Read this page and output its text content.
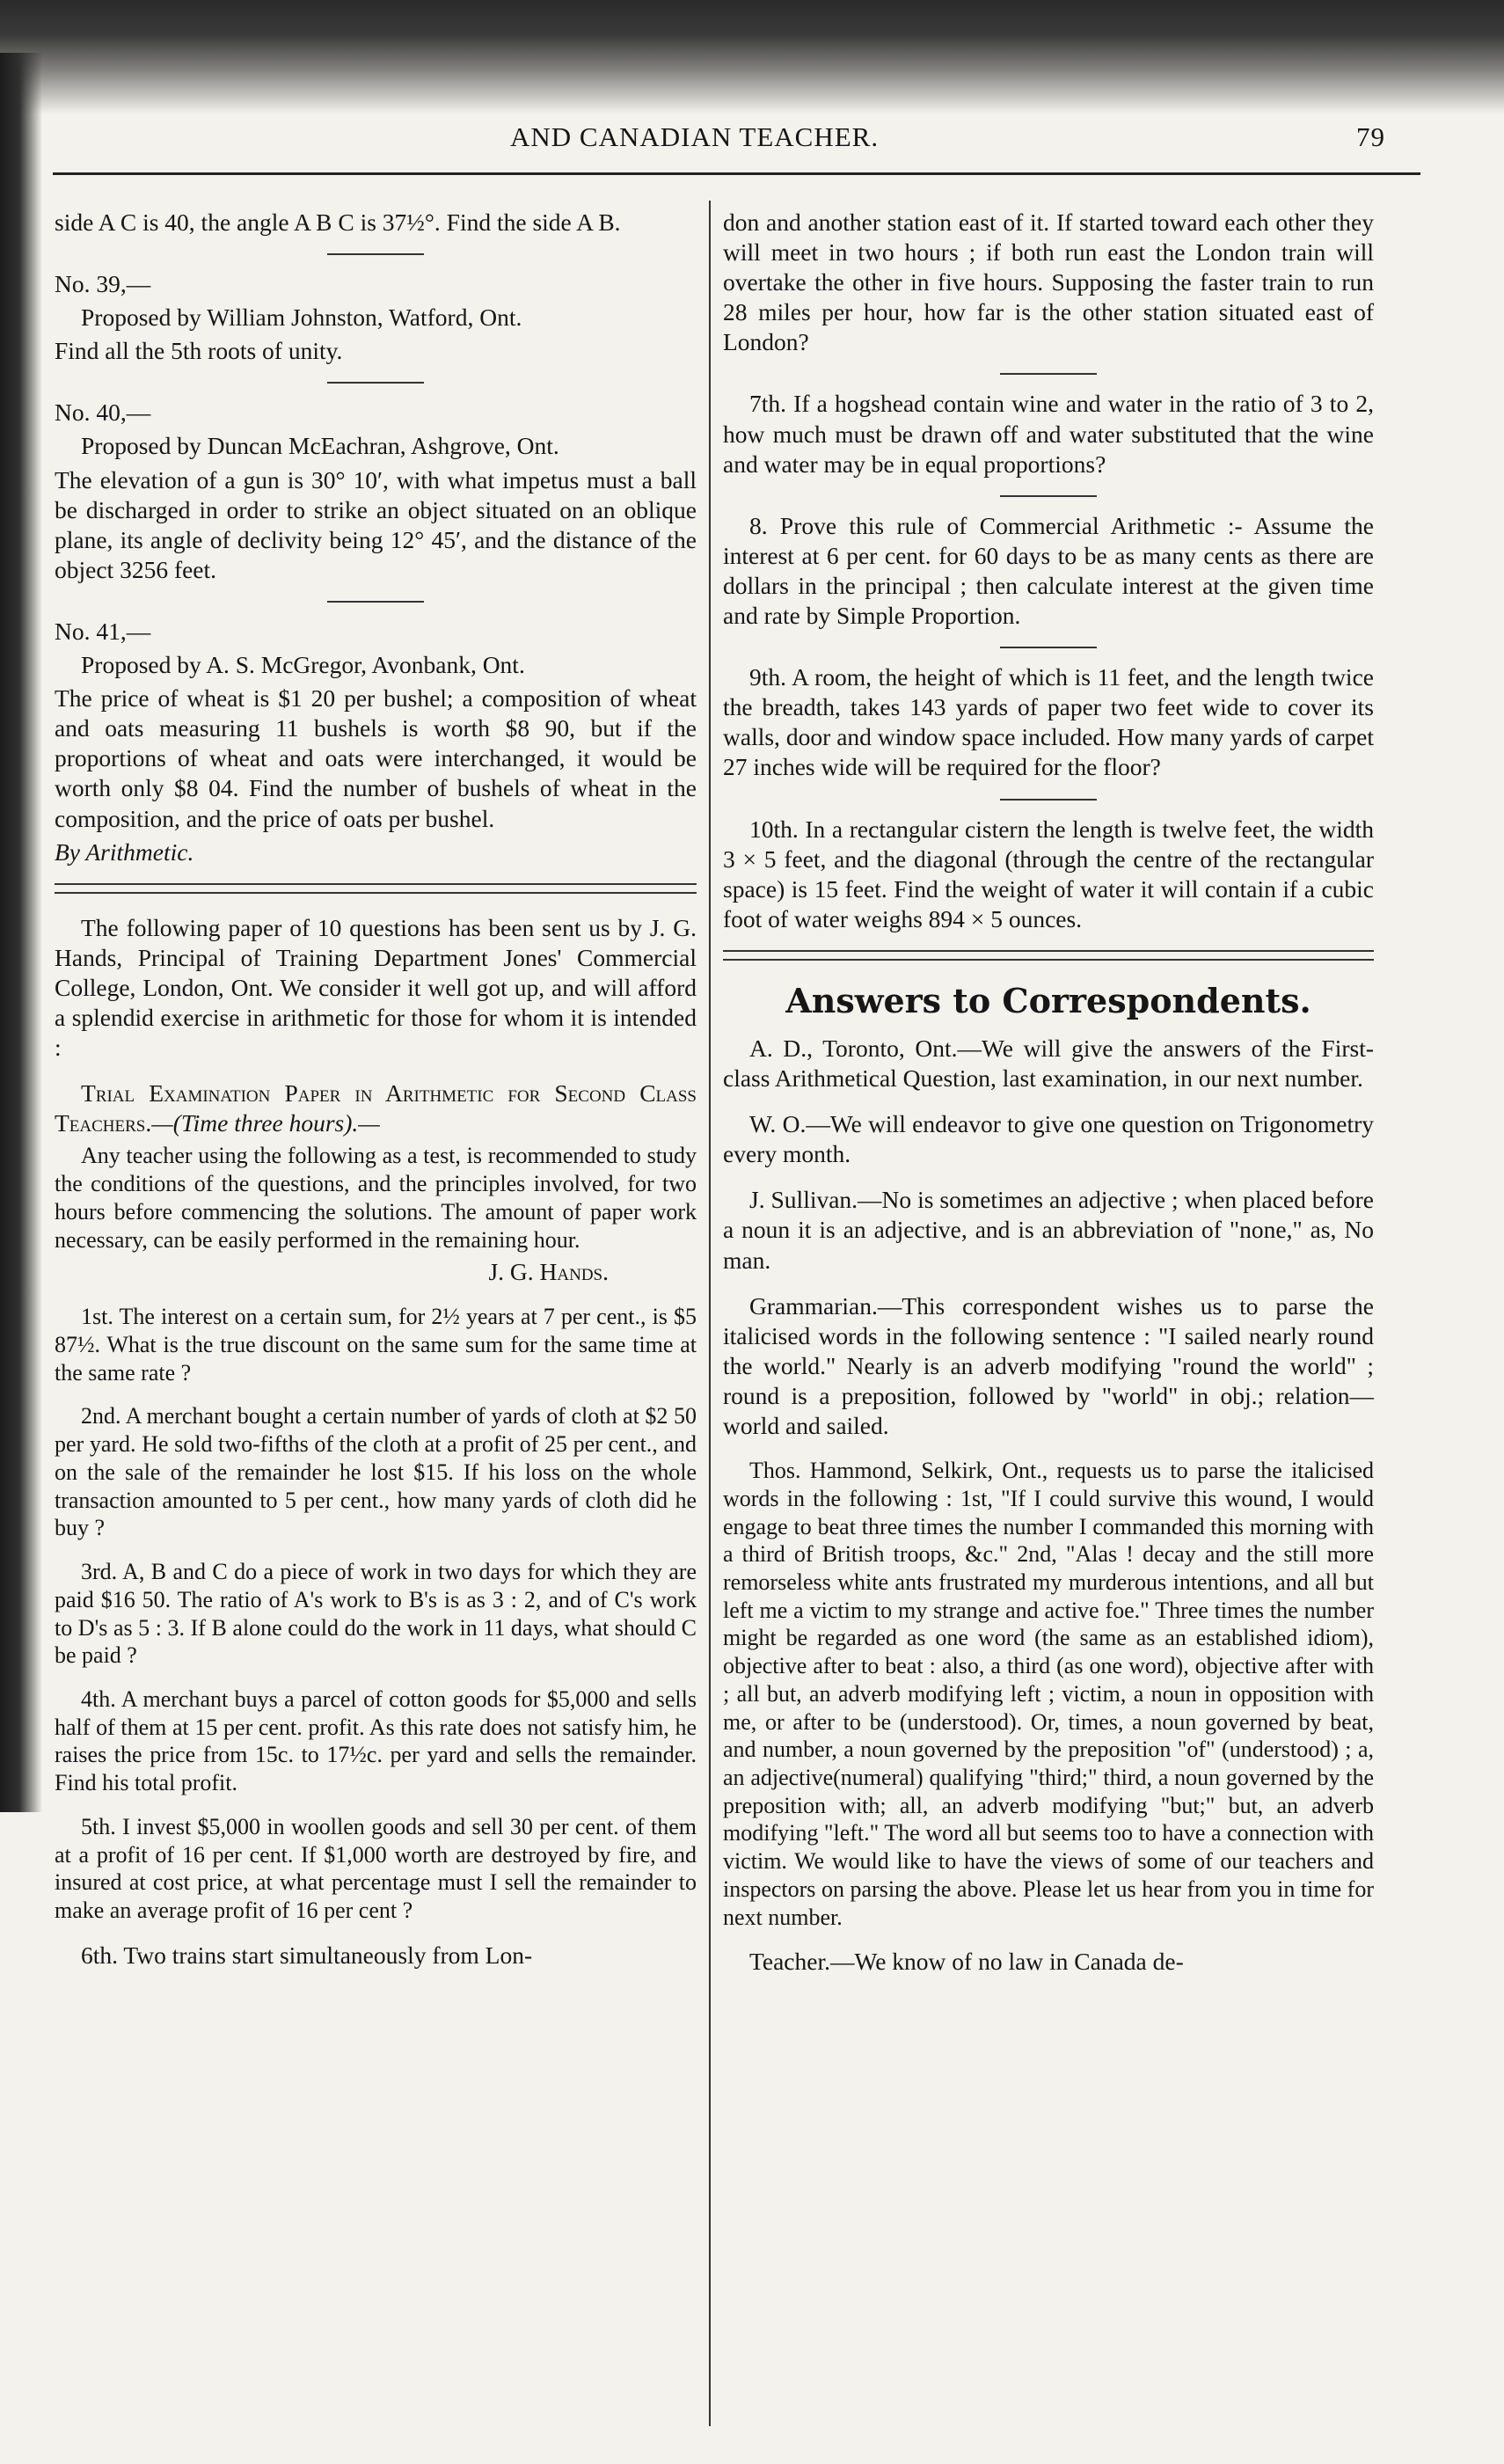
AND CANADIAN TEACHER.	79

side A C is 40, the angle A B C is 37½°. Find the side A B.

No. 39,—

Proposed by William Johnston, Watford, Ont.

Find all the 5th roots of unity.

No. 40,—

Proposed by Duncan McEachran, Ashgrove, Ont.

The elevation of a gun is 30° 10′, with what impetus must a ball be discharged in order to strike an object situated on an oblique plane, its angle of declivity being 12° 45′, and the distance of the object 3256 feet.

No. 41,—

Proposed by A. S. McGregor, Avonbank, Ont.

The price of wheat is $1 20 per bushel; a composition of wheat and oats measuring 11 bushels is worth $8 90, but if the proportions of wheat and oats were interchanged, it would be worth only $8 04. Find the number of bushels of wheat in the composition, and the price of oats per bushel.

By Arithmetic.

The following paper of 10 questions has been sent us by J. G. Hands, Principal of Training Department Jones' Commercial College, London, Ont. We consider it well got up, and will afford a splendid exercise in arithmetic for those for whom it is intended :

Trial Examination Paper in Arithmetic for Second Class Teachers.—(Time three hours).—

Any teacher using the following as a test, is recommended to study the conditions of the questions, and the principles involved, for two hours before commencing the solutions. The amount of paper work necessary, can be easily performed in the remaining hour.

J. G. Hands.

1st. The interest on a certain sum, for 2½ years at 7 per cent., is $5 87½. What is the true discount on the same sum for the same time at the same rate ?

2nd. A merchant bought a certain number of yards of cloth at $2 50 per yard. He sold two-fifths of the cloth at a profit of 25 per cent., and on the sale of the remainder he lost $15. If his loss on the whole transaction amounted to 5 per cent., how many yards of cloth did he buy ?

3rd. A, B and C do a piece of work in two days for which they are paid $16 50. The ratio of A's work to B's is as 3 : 2, and of C's work to D's as 5 : 3. If B alone could do the work in 11 days, what should C be paid ?

4th. A merchant buys a parcel of cotton goods for $5,000 and sells half of them at 15 per cent. profit. As this rate does not satisfy him, he raises the price from 15c. to 17½c. per yard and sells the remainder. Find his total profit.

5th. I invest $5,000 in woollen goods and sell 30 per cent. of them at a profit of 16 per cent. If $1,000 worth are destroyed by fire, and insured at cost price, at what percentage must I sell the remainder to make an average profit of 16 per cent ?

6th. Two trains start simultaneously from Lon-

don and another station east of it. If started toward each other they will meet in two hours ; if both run east the London train will overtake the other in five hours. Supposing the faster train to run 28 miles per hour, how far is the other station situated east of London?

7th. If a hogshead contain wine and water in the ratio of 3 to 2, how much must be drawn off and water substituted that the wine and water may be in equal proportions?

8. Prove this rule of Commercial Arithmetic :- Assume the interest at 6 per cent. for 60 days to be as many cents as there are dollars in the principal ; then calculate interest at the given time and rate by Simple Proportion.

9th. A room, the height of which is 11 feet, and the length twice the breadth, takes 143 yards of paper two feet wide to cover its walls, door and window space included. How many yards of carpet 27 inches wide will be required for the floor?

10th. In a rectangular cistern the length is twelve feet, the width 3 × 5 feet, and the diagonal (through the centre of the rectangular space) is 15 feet. Find the weight of water it will contain if a cubic foot of water weighs 894 × 5 ounces.

Answers to Correspondents.

A. D., Toronto, Ont.—We will give the answers of the First-class Arithmetical Question, last examination, in our next number.

W. O.—We will endeavor to give one question on Trigonometry every month.

J. Sullivan.—No is sometimes an adjective ; when placed before a noun it is an adjective, and is an abbreviation of "none," as, No man.

Grammarian.—This correspondent wishes us to parse the italicised words in the following sentence : "I sailed nearly round the world." Nearly is an adverb modifying "round the world" ; round is a preposition, followed by "world" in obj.; relation—world and sailed.

Thos. Hammond, Selkirk, Ont., requests us to parse the italicised words in the following : 1st, "If I could survive this wound, I would engage to beat three times the number I commanded this morning with a third of British troops, &c." 2nd, "Alas ! decay and the still more remorseless white ants frustrated my murderous intentions, and all but left me a victim to my strange and active foe." Three times the number might be regarded as one word (the same as an established idiom), objective after to beat : also, a third (as one word), objective after with ; all but, an adverb modifying left ; victim, a noun in opposition with me, or after to be (understood). Or, times, a noun governed by beat, and number, a noun governed by the preposition "of" (understood) ; a, an adjective(numeral) qualifying "third;" third, a noun governed by the preposition with; all, an adverb modifying "but;" but, an adverb modifying "left." The word all but seems too to have a connection with victim. We would like to have the views of some of our teachers and inspectors on parsing the above. Please let us hear from you in time for next number.

Teacher.—We know of no law in Canada de-
